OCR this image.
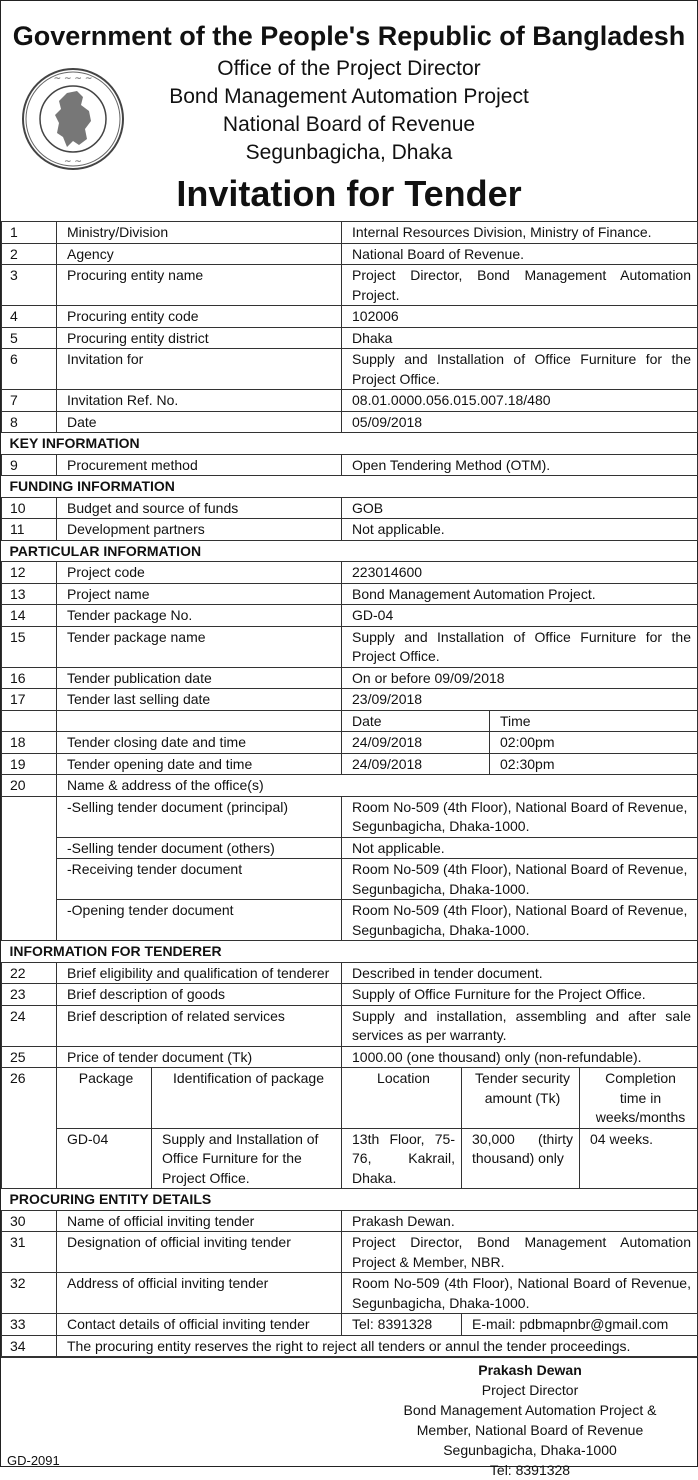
~ ~ ~ ~
~ ~
Government of the People's Republic of Bangladesh
Office of the Project Director
Bond Management Automation Project
National Board of Revenue
Segunbagicha, Dhaka
Invitation for Tender
1	Ministry/Division		Internal Resources Division, Ministry of Finance.			
2	Agency		National Board of Revenue.			
3	Procuring entity name		Project Director, Bond Management Automation Project.			
4	Procuring entity code		102006			
5	Procuring entity district		Dhaka			
6	Invitation for		Supply and Installation of Office Furniture for the Project Office.			
7	Invitation Ref. No.		08.01.0000.056.015.007.18/480			
8	Date		05/09/2018			
KEY INFORMATION						
9	Procurement method		Open Tendering Method (OTM).			
FUNDING INFORMATION						
10	Budget and source of funds		GOB			
11	Development partners		Not applicable.			
PARTICULAR INFORMATION						
12	Project code		223014600			
13	Project name		Bond Management Automation Project.			
14	Tender package No.		GD-04			
15	Tender package name		Supply and Installation of Office Furniture for the Project Office.			
16	Tender publication date		On or before 09/09/2018			
17	Tender last selling date		23/09/2018			
			Date		Time	
18	Tender closing date and time		24/09/2018		02:00pm	
19	Tender opening date and time		24/09/2018		02:30pm	
20	Name & address of the office(s)					
	-Selling tender document (principal)		Room No-509 (4th Floor), National Board of Revenue, Segunbagicha, Dhaka-1000.			
	-Selling tender document (others)		Not applicable.			
	-Receiving tender document		Room No-509 (4th Floor), National Board of Revenue, Segunbagicha, Dhaka-1000.			
	-Opening tender document		Room No-509 (4th Floor), National Board of Revenue, Segunbagicha, Dhaka-1000.			
INFORMATION FOR TENDERER						
22	Brief eligibility and qualification of tenderer		Described in tender document.			
23	Brief description of goods		Supply of Office Furniture for the Project Office.			
24	Brief description of related services		Supply and installation, assembling and after sale services as per warranty.			
25	Price of tender document (Tk)		1000.00 (one thousand) only (non-refundable).			
26	Package	Identification of package	Location	Tender security amount (Tk)		Completion time in weeks/months
	GD-04	Supply and Installation of Office Furniture for the Project Office.	13th Floor, 75-76, Kakrail, Dhaka.	30,000 (thirty thousand) only		04 weeks.
PROCURING ENTITY DETAILS						
30	Name of official inviting tender		Prakash Dewan.			
31	Designation of official inviting tender		Project Director, Bond Management Automation Project & Member, NBR.			
32	Address of official inviting tender		Room No-509 (4th Floor), National Board of Revenue, Segunbagicha, Dhaka-1000.			
33	Contact details of official inviting tender		Tel: 8391328	E-mail: pdbmapnbr@gmail.com		
34	The procuring entity reserves the right to reject all tenders or annul the tender proceedings.					
Prakash Dewan
Project Director
Bond Management Automation Project &
Member, National Board of Revenue
Segunbagicha, Dhaka-1000
Tel: 8391328
GD-2091
